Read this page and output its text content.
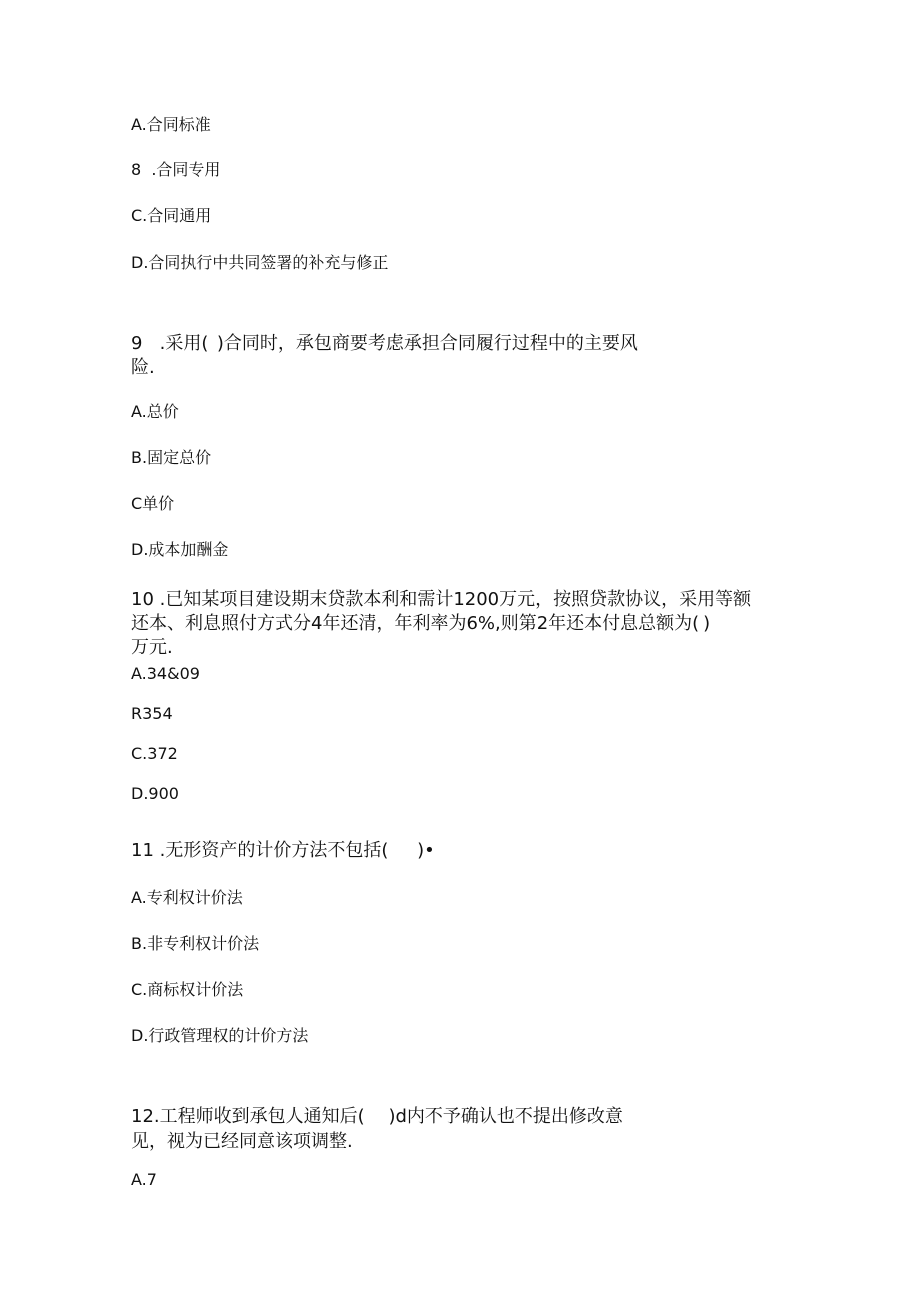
A.合同标准
8	.合同专用
C.合同通用
D.合同执行中共同签署的补充与修正
9	.采用(	)合同时，承包商要考虑承担合同履行过程中的主要风
险.
A.总价
B.固定总价
C单价
D.成本加酬金
10	.已知某项目建设期末贷款本利和需计1200万元，按照贷款协议，采用等额
还本、利息照付方式分4年还清，年利率为6%,则第2年还本付息总额为(	)
万元.
A.34&09
R354
C.372
D.900
11	.无形资产的计价方法不包括(	)•
A.专利权计价法
B.非专利权计价法
C.商标权计价法
D.行政管理权的计价方法
12.工程师收到承包人通知后(	)d内不予确认也不提出修改意
见，视为已经同意该项调整.
A.7
